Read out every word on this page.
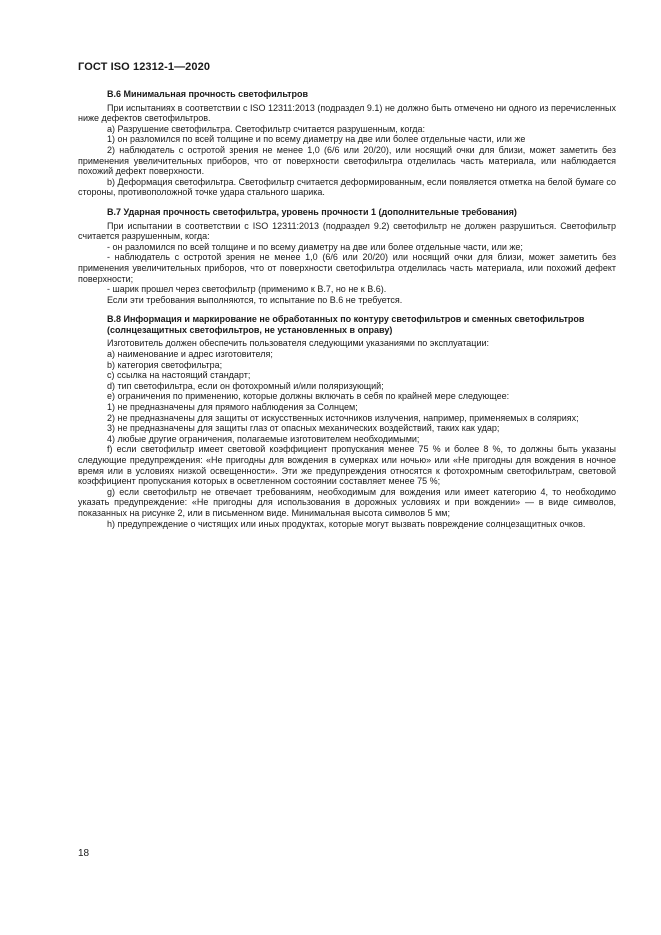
ГОСТ ISO 12312-1—2020
B.6 Минимальная прочность светофильтров

При испытаниях в соответствии с ISO 12311:2013 (подраздел 9.1) не должно быть отмечено ни одного из перечисленных ниже дефектов светофильтров.

a) Разрушение светофильтра. Светофильтр считается разрушенным, когда:

1) он разломился по всей толщине и по всему диаметру на две или более отдельные части, или же

2) наблюдатель с остротой зрения не менее 1,0 (6/6 или 20/20), или носящий очки для близи, может заметить без применения увеличительных приборов, что от поверхности светофильтра отделилась часть материала, или наблюдается похожий дефект поверхности.

b) Деформация светофильтра. Светофильтр считается деформированным, если появляется отметка на белой бумаге со стороны, противоположной точке удара стального шарика.

B.7 Ударная прочность светофильтра, уровень прочности 1 (дополнительные требования)

При испытании в соответствии с ISO 12311:2013 (подраздел 9.2) светофильтр не должен разрушиться. Светофильтр считается разрушенным, когда:

- он разломился по всей толщине и по всему диаметру на две или более отдельные части, или же;

- наблюдатель с остротой зрения не менее 1,0 (6/6 или 20/20) или носящий очки для близи, может заметить без применения увеличительных приборов, что от поверхности светофильтра отделилась часть материала, или похожий дефект поверхности;

- шарик прошел через светофильтр (применимо к B.7, но не к B.6).

Если эти требования выполняются, то испытание по B.6 не требуется.

B.8 Информация и маркирование не обработанных по контуру светофильтров и сменных светофильтров (солнцезащитных светофильтров, не установленных в оправу)

Изготовитель должен обеспечить пользователя следующими указаниями по эксплуатации:

a) наименование и адрес изготовителя;

b) категория светофильтра;

c) ссылка на настоящий стандарт;

d) тип светофильтра, если он фотохромный и/или поляризующий;

e) ограничения по применению, которые должны включать в себя по крайней мере следующее:

1) не предназначены для прямого наблюдения за Солнцем;

2) не предназначены для защиты от искусственных источников излучения, например, применяемых в соляриях;

3) не предназначены для защиты глаз от опасных механических воздействий, таких как удар;

4) любые другие ограничения, полагаемые изготовителем необходимыми;

f) если светофильтр имеет световой коэффициент пропускания менее 75 % и более 8 %, то должны быть указаны следующие предупреждения: «Не пригодны для вождения в сумерках или ночью» или «Не пригодны для вождения в ночное время или в условиях низкой освещенности». Эти же предупреждения относятся к фотохромным светофильтрам, световой коэффициент пропускания которых в осветленном состоянии составляет менее 75 %;

g) если светофильтр не отвечает требованиям, необходимым для вождения или имеет категорию 4, то необходимо указать предупреждение: «Не пригодны для использования в дорожных условиях и при вождении» — в виде символов, показанных на рисунке 2, или в письменном виде. Минимальная высота символов 5 мм;

h) предупреждение о чистящих или иных продуктах, которые могут вызвать повреждение солнцезащитных очков.

18
